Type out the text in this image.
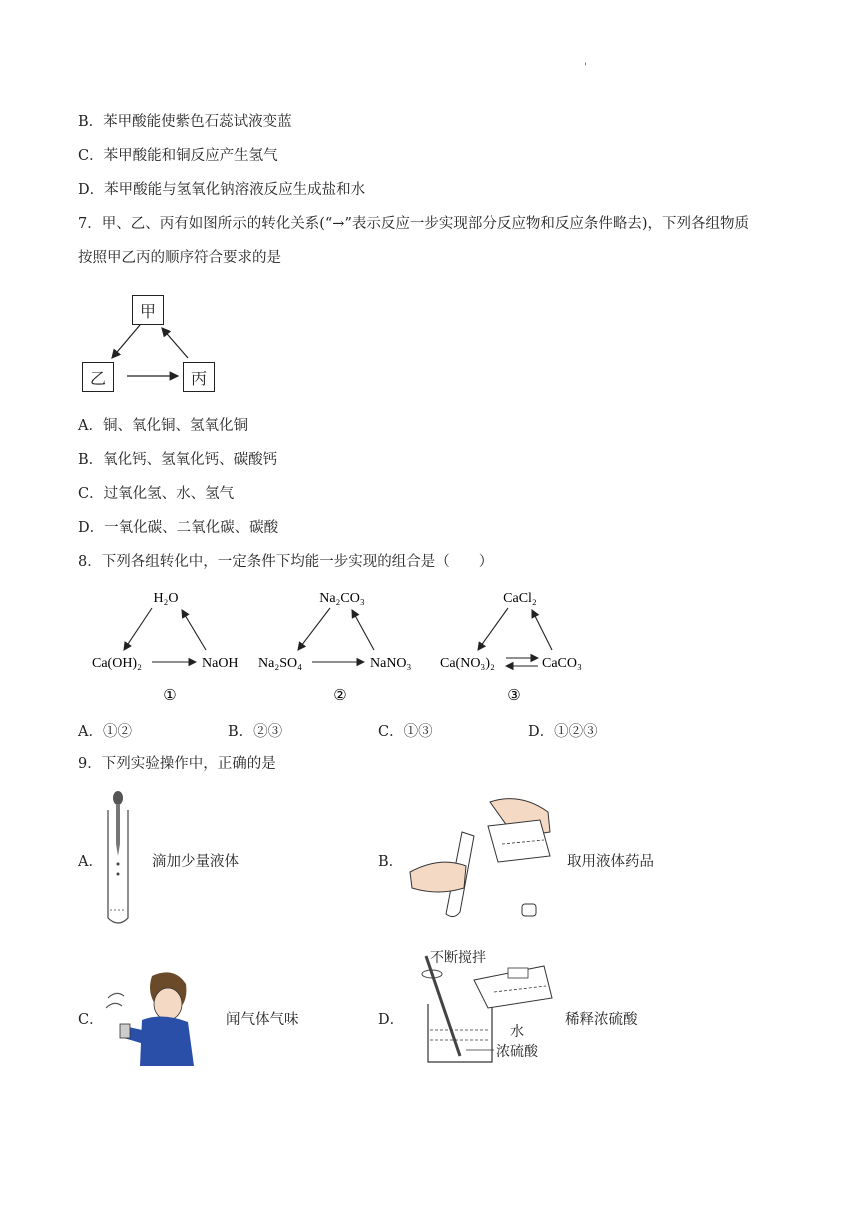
'
B．苯甲酸能使紫色石蕊试液变蓝
C．苯甲酸能和铜反应产生氢气
D．苯甲酸能与氢氧化钠溶液反应生成盐和水
7．甲、乙、丙有如图所示的转化关系(“→”表示反应一步实现部分反应物和反应条件略去)，下列各组物质
按照甲乙丙的顺序符合要求的是
甲
乙	丙
A．铜、氧化铜、氢氧化铜
B．氧化钙、氢氧化钙、碳酸钙
C．过氧化氢、水、氢气
D．一氧化碳、二氧化碳、碳酸
8．下列各组转化中，一定条件下均能一步实现的组合是（　　）
H₂O
Ca(OH)₂	NaOH
①
Na₂CO₃
Na₂SO₄	NaNO₃
②
CaCl₂
Ca(NO₃)₂	CaCO₃
③
A．①②	B．②③	C．①③	D．①②③
9．下列实验操作中，正确的是
A．	滴加少量液体	B．	取用液体药品
C．	闻气体气味	D．	稀释浓硫酸
不断搅拌
水
浓硫酸
